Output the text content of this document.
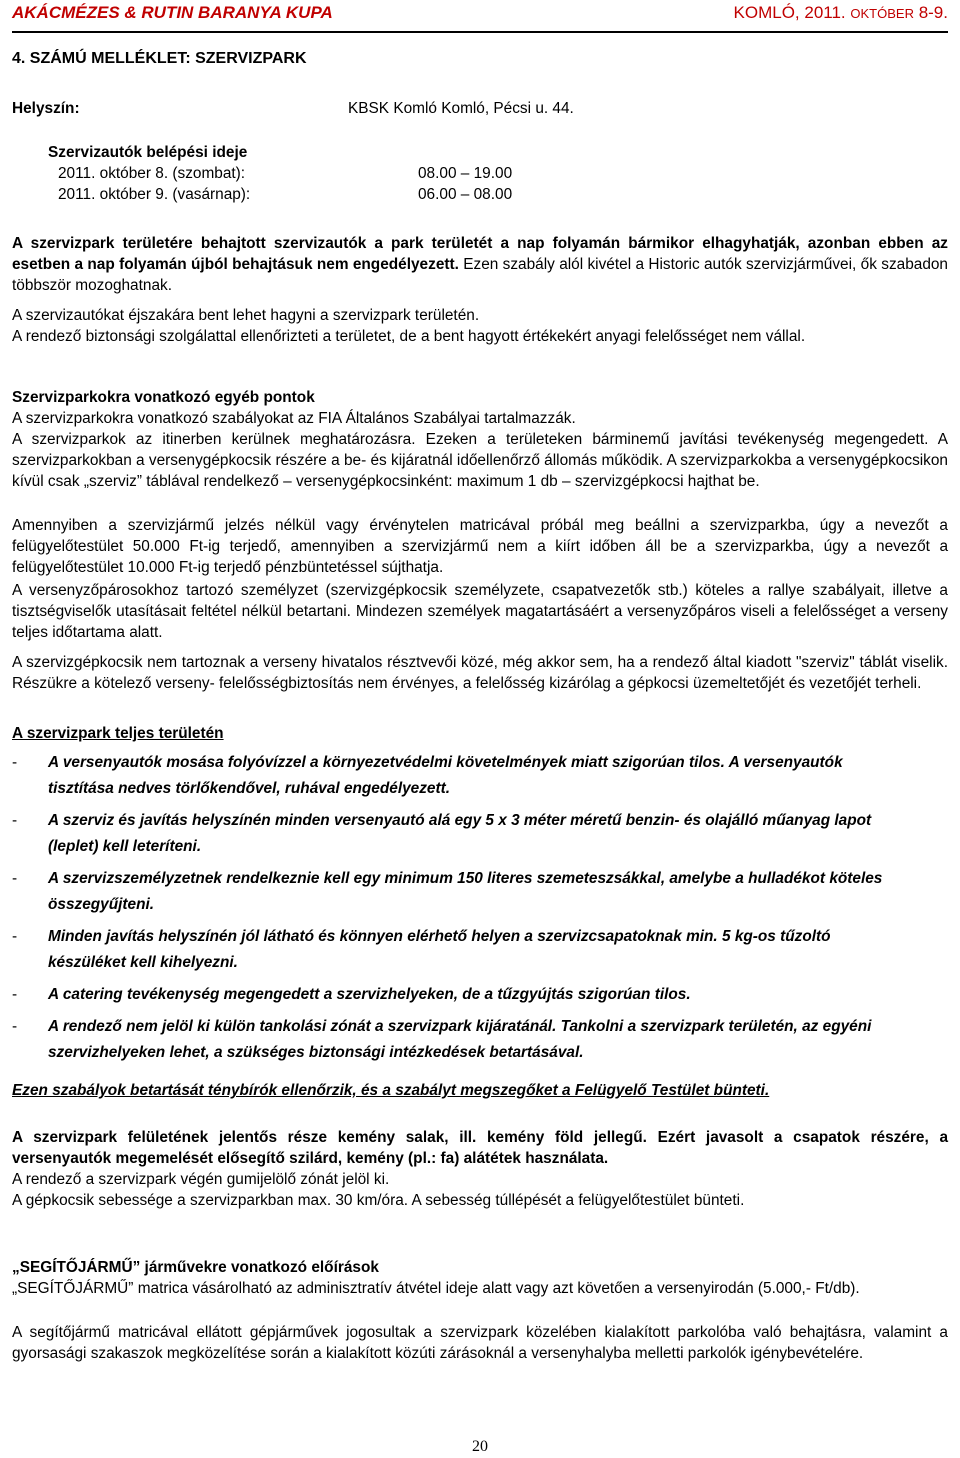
AKÁCMÉZES & RUTIN BARANYA KUPA	KOMLÓ, 2011. OKTÓBER 8-9.
4. SZÁMÚ MELLÉKLET: SZERVIZPARK
Helyszín:	KBSK Komló Komló, Pécsi u. 44.
Szervizautók belépési ideje
2011. október 8. (szombat):	08.00 – 19.00
2011. október 9. (vasárnap):	06.00 – 08.00
A szervizpark területére behajtott szervizautók a park területét a nap folyamán bármikor elhagyhatják, azonban ebben az esetben a nap folyamán újból behajtásuk nem engedélyezett. Ezen szabály alól kivétel a Historic autók szervizjárművei, ők szabadon többször mozoghatnak.
A szervizautókat éjszakára bent lehet hagyni a szervizpark területén.
A rendező biztonsági szolgálattal ellenőrizteti a területet, de a bent hagyott értékekért anyagi felelősséget nem vállal.
Szervizparkokra vonatkozó egyéb pontok
A szervizparkokra vonatkozó szabályokat az FIA Általános Szabályai tartalmazzák.
A szervizparkok az itinerben kerülnek meghatározásra. Ezeken a területeken bárminemű javítási tevékenység megengedett. A szervizparkokban a versenygépkocsik részére a be- és kijáratnál időellenőrző állomás működik. A szervizparkokba a versenygépkocsikon kívül csak „szerviz” táblával rendelkező – versenygépkocsinként: maximum 1 db – szervizgépkocsi hajthat be.
Amennyiben a szervizjármű jelzés nélkül vagy érvénytelen matricával próbál meg beállni a szervizparkba, úgy a nevezőt a felügyelőtestület 50.000 Ft-ig terjedő, amennyiben a szervizjármű nem a kiírt időben áll be a szervizparkba, úgy a nevezőt a felügyelőtestület 10.000 Ft-ig terjedő pénzbüntetéssel sújthatja.
A versenyzőpárosokhoz tartozó személyzet (szervizgépkocsik személyzete, csapatvezetők stb.) köteles a rallye szabályait, illetve a tisztségviselők utasításait feltétel nélkül betartani. Mindezen személyek magatartásáért a versenyzőpáros viseli a felelősséget a verseny teljes időtartama alatt.
A szervizgépkocsik nem tartoznak a verseny hivatalos résztvevői közé, még akkor sem, ha a rendező által kiadott "szerviz" táblát viselik. Részükre a kötelező verseny- felelősségbiztosítás nem érvényes, a felelősség kizárólag a gépkocsi üzemeltetőjét és vezetőjét terheli.
A szervizpark teljes területén
- A versenyautók mosása folyóvízzel a környezetvédelmi követelmények miatt szigorúan tilos. A versenyautók tisztítása nedves törlőkendővel, ruhával engedélyezett.
- A szerviz és javítás helyszínén minden versenyautó alá egy 5 x 3 méter méretű benzin- és olajálló műanyag lapot (leplet) kell leteríteni.
- A szervizszemélyzetnek rendelkeznie kell egy minimum 150 literes szemeteszsákkal, amelybe a hulladékot köteles összegyűjteni.
- Minden javítás helyszínén jól látható és könnyen elérhető helyen a szervizcsapatoknak min. 5 kg-os tűzoltó készüléket kell kihelyezni.
- A catering tevékenység megengedett a szervizhelyeken, de a tűzgyújtás szigorúan tilos.
- A rendező nem jelöl ki külön tankolási zónát a szervizpark kijáratánál. Tankolni a szervizpark területén, az egyéni szervizhelyeken lehet, a szükséges biztonsági intézkedések betartásával.
Ezen szabályok betartását ténybírók ellenőrzik, és a szabályt megszegőket a Felügyelő Testület bünteti.
A szervizpark felületének jelentős része kemény salak, ill. kemény föld jellegű. Ezért javasolt a csapatok részére, a versenyautók megemelését elősegítő szilárd, kemény (pl.: fa) alátétek használata.
A rendező a szervizpark végén gumijelölő zónát jelöl ki.
A gépkocsik sebessége a szervizparkban max. 30 km/óra. A sebesség túllépését a felügyelőtestület bünteti.
„SEGÍTŐJÁRMŰ” járművekre vonatkozó előírások
„SEGÍTŐJÁRMŰ” matrica vásárolható az adminisztratív átvétel ideje alatt vagy azt követően a versenyirodán (5.000,- Ft/db).
A segítőjármű matricával ellátott gépjárművek jogosultak a szervizpark közelében kialakított parkolóba való behajtásra, valamint a gyorsasági szakaszok megközelítése során a kialakított közúti zárásoknál a versenyhalyba melletti parkolók igénybevételére.
20
